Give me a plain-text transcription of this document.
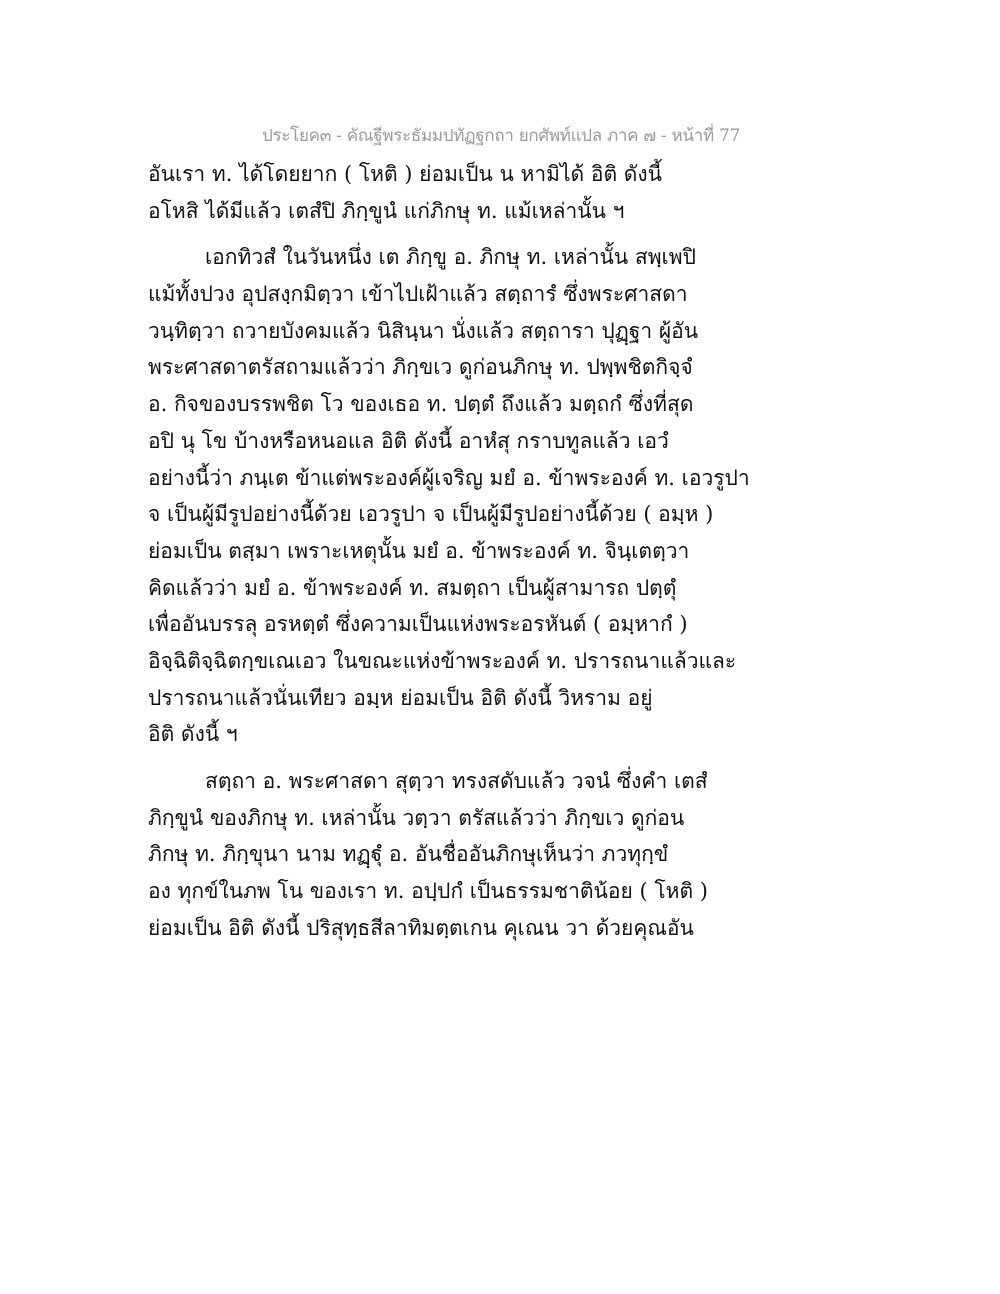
ประโยค๓ - คัณฐีพระธัมมปทัฏฐกถา ยกศัพท์แปล ภาค ๗ - หน้าที่ 77
อันเรา ท. ได้โดยยาก ( โหติ ) ย่อมเป็น น หามิได้ อิติ ดังนี้
อโหสิ ได้มีแล้ว เตสํปิ ภิกฺขูนํ แก่ภิกษุ ท. แม้เหล่านั้น ฯ
เอกทิวสํ ในวันหนึ่ง เต ภิกฺขู อ. ภิกษุ ท. เหล่านั้น สพฺเพปิ
แม้ทั้งปวง อุปสงฺกมิตฺวา เข้าไปเฝ้าแล้ว สตฺถารํ ซึ่งพระศาสดา
วนฺทิตฺวา ถวายบังคมแล้ว นิสินฺนา นั่งแล้ว สตฺถารา ปุฏฺฐา ผู้อัน
พระศาสดาตรัสถามแล้วว่า ภิกฺขเว ดูก่อนภิกษุ ท. ปพฺพชิตกิจฺจํ
อ. กิจของบรรพชิต โว ของเธอ ท. ปตฺตํ ถึงแล้ว มตฺถกํ ซึ่งที่สุด
อปิ นุ โข บ้างหรือหนอแล อิติ ดังนี้ อาหํสุ กราบทูลแล้ว เอวํ
อย่างนี้ว่า ภนฺเต ข้าแต่พระองค์ผู้เจริญ มยํ อ. ข้าพระองค์ ท. เอวรูปา
จ เป็นผู้มีรูปอย่างนี้ด้วย เอวรูปา จ เป็นผู้มีรูปอย่างนี้ด้วย ( อมฺห )
ย่อมเป็น ตสฺมา เพราะเหตุนั้น มยํ อ. ข้าพระองค์ ท. จินฺเตตฺวา
คิดแล้วว่า มยํ อ. ข้าพระองค์ ท. สมตฺถา เป็นผู้สามารถ ปตฺตุํ
เพื่ออันบรรลุ อรหตฺตํ ซึ่งความเป็นแห่งพระอรหันต์ ( อมฺหากํ )
อิจฺฉิติจฺฉิตกฺขเณเอว ในขณะแห่งข้าพระองค์ ท. ปรารถนาแล้วและ
ปรารถนาแล้วนั่นเทียว อมฺห ย่อมเป็น อิติ ดังนี้ วิหราม อยู่
อิติ ดังนี้ ฯ
สตฺถา อ. พระศาสดา สุตฺวา ทรงสดับแล้ว วจนํ ซึ่งคำ เตสํ
ภิกฺขูนํ ของภิกษุ ท. เหล่านั้น วตฺวา ตรัสแล้วว่า ภิกฺขเว ดูก่อน
ภิกษุ ท. ภิกฺขุนา นาม ทฏฺฐุํ อ. อันชื่ออันภิกษุเห็นว่า ภวทุกฺขํ
อง ทุกข์ในภพ โน ของเรา ท. อปฺปกํ เป็นธรรมชาติน้อย ( โหติ )
ย่อมเป็น อิติ ดังนี้ ปริสุทฺธสีลาทิมตฺตเกน คุเณน วา ด้วยคุณอัน
